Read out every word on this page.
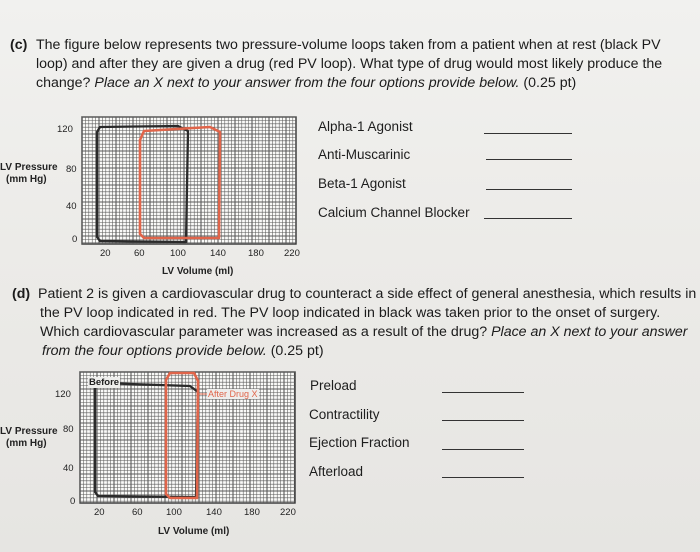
(c) The figure below represents two pressure-volume loops taken from a patient when at rest (black PV
loop) and after they are given a drug (red PV loop). What type of drug would most likely produce the
change? Place an X next to your answer from the four options provide below. (0.25 pt)
120
80
40
0
LV Pressure
(mm Hg)
20 60	100	140 180 220
LV Volume (ml)
Alpha-1 Agonist
Anti-Muscarinic
Beta-1 Agonist
Calcium Channel Blocker
(d) Patient 2 is given a cardiovascular drug to counteract a side effect of general anesthesia, which results in
the PV loop indicated in red. The PV loop indicated in black was taken prior to the onset of surgery.
Which cardiovascular parameter was increased as a result of the drug? Place an X next to your answer
from the four options provide below. (0.25 pt)
120
80
40
0
LV Pressure
(mm Hg)
20	60 100	140 180 220
LV Volume (ml)
Before
After Drug X
Preload
Contractility
Ejection Fraction
Afterload
